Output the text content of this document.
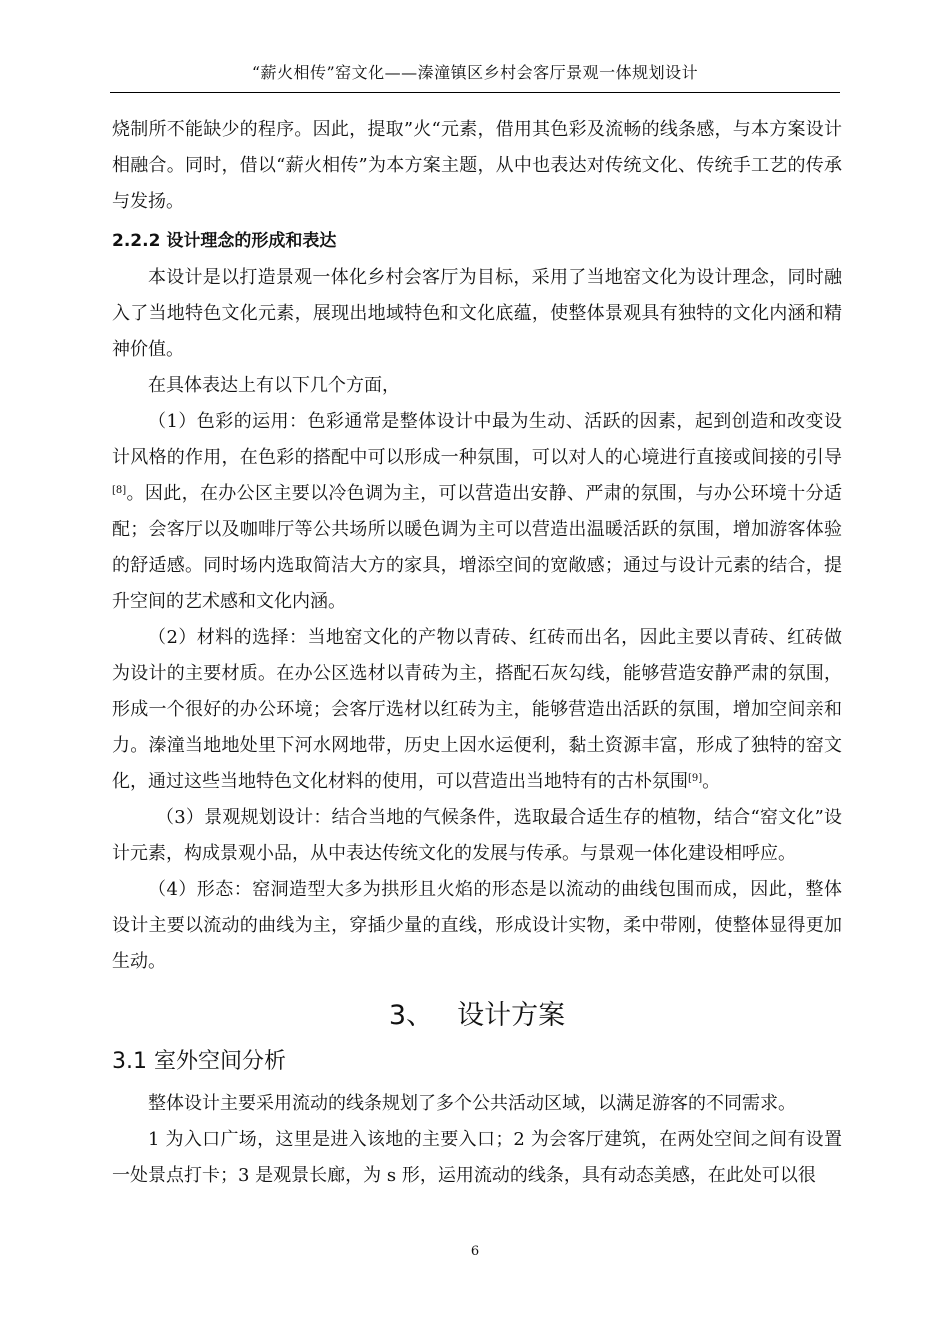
“薪火相传”窑文化——溱潼镇区乡村会客厅景观一体规划设计

烧制所不能缺少的程序。因此，提取”火“元素，借用其色彩及流畅的线条感，与本方案设计相融合。同时，借以“薪火相传”为本方案主题，从中也表达对传统文化、传统手工艺的传承与发扬。

2.2.2 设计理念的形成和表达

本设计是以打造景观一体化乡村会客厅为目标，采用了当地窑文化为设计理念，同时融入了当地特色文化元素，展现出地域特色和文化底蕴，使整体景观具有独特的文化内涵和精神价值。

在具体表达上有以下几个方面，

（1）色彩的运用：色彩通常是整体设计中最为生动、活跃的因素，起到创造和改变设计风格的作用，在色彩的搭配中可以形成一种氛围，可以对人的心境进行直接或间接的引导[8]。因此，在办公区主要以冷色调为主，可以营造出安静、严肃的氛围，与办公环境十分适配；会客厅以及咖啡厅等公共场所以暖色调为主可以营造出温暖活跃的氛围，增加游客体验的舒适感。同时场内选取简洁大方的家具，增添空间的宽敞感；通过与设计元素的结合，提升空间的艺术感和文化内涵。

（2）材料的选择：当地窑文化的产物以青砖、红砖而出名，因此主要以青砖、红砖做为设计的主要材质。在办公区选材以青砖为主，搭配石灰勾线，能够营造安静严肃的氛围，形成一个很好的办公环境；会客厅选材以红砖为主，能够营造出活跃的氛围，增加空间亲和力。溱潼当地地处里下河水网地带，历史上因水运便利，黏土资源丰富，形成了独特的窑文化，通过这些当地特色文化材料的使用，可以营造出当地特有的古朴氛围[9]。

（3）景观规划设计：结合当地的气候条件，选取最合适生存的植物，结合“窑文化”设计元素，构成景观小品，从中表达传统文化的发展与传承。与景观一体化建设相呼应。

（4）形态：窑洞造型大多为拱形且火焰的形态是以流动的曲线包围而成，因此，整体设计主要以流动的曲线为主，穿插少量的直线，形成设计实物，柔中带刚，使整体显得更加生动。

3、 设计方案
3.1 室外空间分析

整体设计主要采用流动的线条规划了多个公共活动区域，以满足游客的不同需求。

1 为入口广场，这里是进入该地的主要入口；2 为会客厅建筑，在两处空间之间有设置一处景点打卡；3 是观景长廊，为 s 形，运用流动的线条，具有动态美感，在此处可以很

6
